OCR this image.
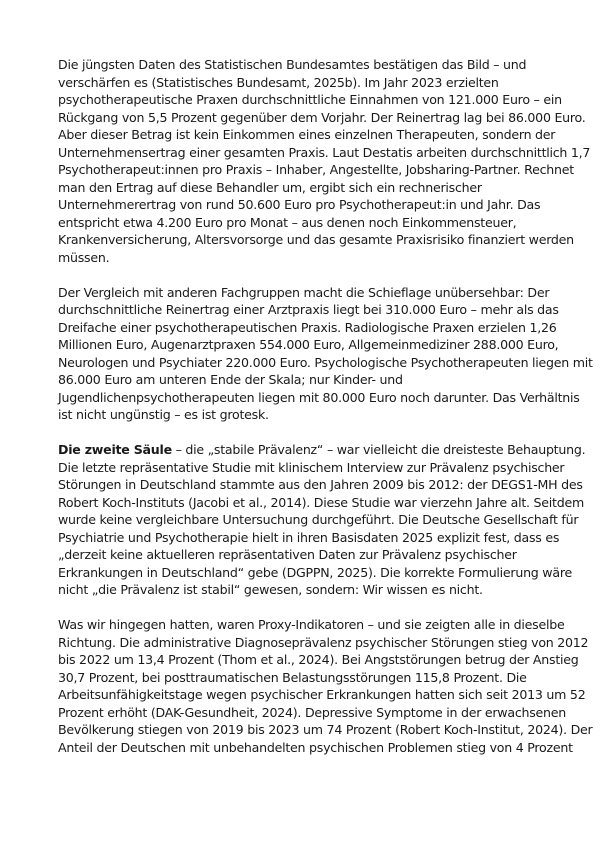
Die jüngsten Daten des Statistischen Bundesamtes bestätigen das Bild – und
verschärfen es (Statistisches Bundesamt, 2025b). Im Jahr 2023 erzielten
psychotherapeutische Praxen durchschnittliche Einnahmen von 121.000 Euro – ein
Rückgang von 5,5 Prozent gegenüber dem Vorjahr. Der Reinertrag lag bei 86.000 Euro.
Aber dieser Betrag ist kein Einkommen eines einzelnen Therapeuten, sondern der
Unternehmensertrag einer gesamten Praxis. Laut Destatis arbeiten durchschnittlich 1,7
Psychotherapeut:innen pro Praxis – Inhaber, Angestellte, Jobsharing-Partner. Rechnet
man den Ertrag auf diese Behandler um, ergibt sich ein rechnerischer
Unternehmerertrag von rund 50.600 Euro pro Psychotherapeut:in und Jahr. Das
entspricht etwa 4.200 Euro pro Monat – aus denen noch Einkommensteuer,
Krankenversicherung, Altersvorsorge und das gesamte Praxisrisiko finanziert werden
müssen.

Der Vergleich mit anderen Fachgruppen macht die Schieflage unübersehbar: Der
durchschnittliche Reinertrag einer Arztpraxis liegt bei 310.000 Euro – mehr als das
Dreifache einer psychotherapeutischen Praxis. Radiologische Praxen erzielen 1,26
Millionen Euro, Augenarztpraxen 554.000 Euro, Allgemeinmediziner 288.000 Euro,
Neurologen und Psychiater 220.000 Euro. Psychologische Psychotherapeuten liegen mit
86.000 Euro am unteren Ende der Skala; nur Kinder- und
Jugendlichenpsychotherapeuten liegen mit 80.000 Euro noch darunter. Das Verhältnis
ist nicht ungünstig – es ist grotesk.

Die zweite Säule – die „stabile Prävalenz“ – war vielleicht die dreisteste Behauptung.
Die letzte repräsentative Studie mit klinischem Interview zur Prävalenz psychischer
Störungen in Deutschland stammte aus den Jahren 2009 bis 2012: der DEGS1-MH des
Robert Koch-Instituts (Jacobi et al., 2014). Diese Studie war vierzehn Jahre alt. Seitdem
wurde keine vergleichbare Untersuchung durchgeführt. Die Deutsche Gesellschaft für
Psychiatrie und Psychotherapie hielt in ihren Basisdaten 2025 explizit fest, dass es
„derzeit keine aktuelleren repräsentativen Daten zur Prävalenz psychischer
Erkrankungen in Deutschland“ gebe (DGPPN, 2025). Die korrekte Formulierung wäre
nicht „die Prävalenz ist stabil“ gewesen, sondern: Wir wissen es nicht.

Was wir hingegen hatten, waren Proxy-Indikatoren – und sie zeigten alle in dieselbe
Richtung. Die administrative Diagnoseprävalenz psychischer Störungen stieg von 2012
bis 2022 um 13,4 Prozent (Thom et al., 2024). Bei Angststörungen betrug der Anstieg
30,7 Prozent, bei posttraumatischen Belastungsstörungen 115,8 Prozent. Die
Arbeitsunfähigkeitstage wegen psychischer Erkrankungen hatten sich seit 2013 um 52
Prozent erhöht (DAK-Gesundheit, 2024). Depressive Symptome in der erwachsenen
Bevölkerung stiegen von 2019 bis 2023 um 74 Prozent (Robert Koch-Institut, 2024). Der
Anteil der Deutschen mit unbehandelten psychischen Problemen stieg von 4 Prozent
